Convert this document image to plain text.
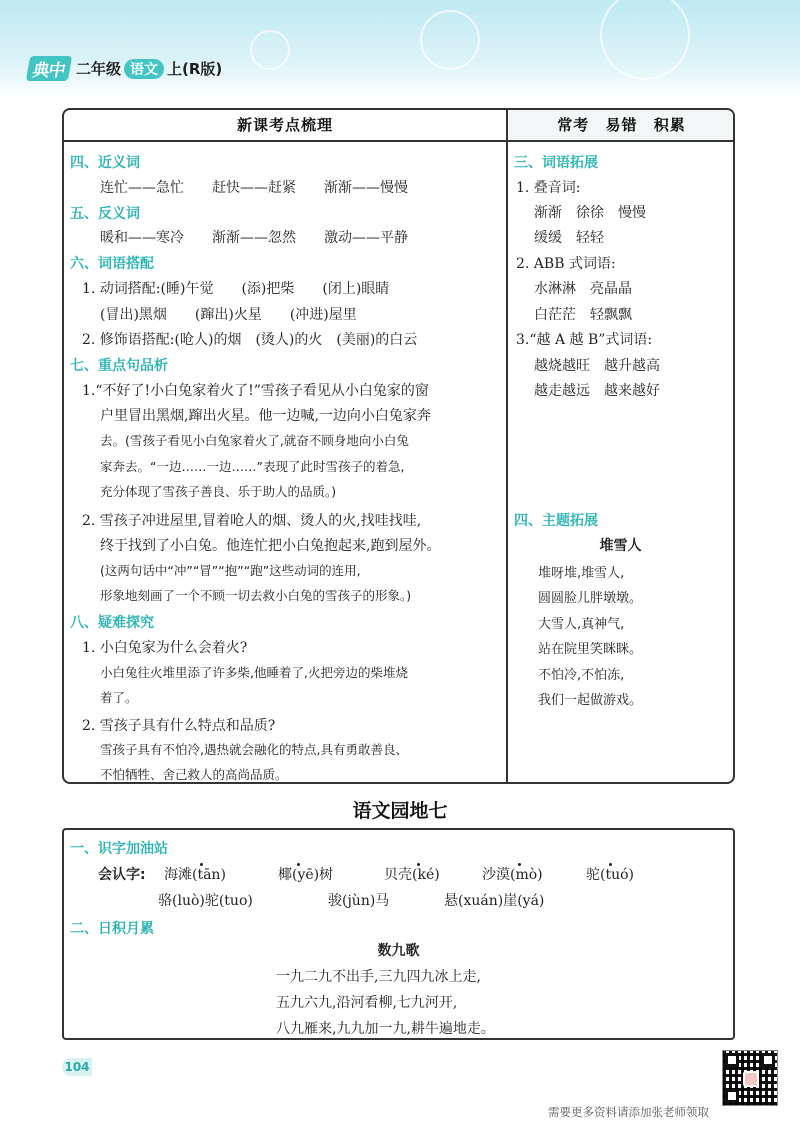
典中 二年级 语文 上(R版)
新课考点梳理
四、近义词
连忙——急忙　　赶快——赶紧　　渐渐——慢慢
五、反义词
暖和——寒冷　　渐渐——忽然　　激动——平静
六、词语搭配
1. 动词搭配:(睡)午觉　　(添)把柴　　(闭上)眼睛
(冒出)黑烟　　(蹿出)火星　　(冲进)屋里
2. 修饰语搭配:(呛人)的烟　(烫人)的火　(美丽)的白云
七、重点句品析
1.“不好了!小白兔家着火了!”雪孩子看见从小白兔家的窗
户里冒出黑烟,蹿出火星。他一边喊,一边向小白兔家奔
去。(雪孩子看见小白兔家着火了,就奋不顾身地向小白兔
家奔去。“一边……一边……”表现了此时雪孩子的着急,
充分体现了雪孩子善良、乐于助人的品质。)
2. 雪孩子冲进屋里,冒着呛人的烟、烫人的火,找哇找哇,
终于找到了小白兔。他连忙把小白兔抱起来,跑到屋外。
(这两句话中“冲”“冒”“抱”“跑”这些动词的连用,
形象地刻画了一个不顾一切去救小白兔的雪孩子的形象。)
八、疑难探究
1. 小白兔家为什么会着火?
小白兔往火堆里添了许多柴,他睡着了,火把旁边的柴堆烧
着了。
2. 雪孩子具有什么特点和品质?
雪孩子具有不怕冷,遇热就会融化的特点,具有勇敢善良、
不怕牺牲、舍己救人的高尚品质。
常考 易错 积累
三、词语拓展
1. 叠音词:
渐渐　徐徐　慢慢
缓缓　轻轻
2. ABB 式词语:
水淋淋　亮晶晶
白茫茫　轻飘飘
3.“越 A 越 B”式词语:
越烧越旺　越升越高
越走越远　越来越好
四、主题拓展
堆雪人
堆呀堆,堆雪人,
圆圆脸儿胖墩墩。
大雪人,真神气,
站在院里笑眯眯。
不怕冷,不怕冻,
我们一起做游戏。
语文园地七
一、识字加油站
会认字: 海滩(tān)	椰(yē)树	贝壳(ké)	沙漠(mò)	驼(tuó)
骆(luò)驼(tuo)	骏(jùn)马	悬(xuán)崖(yá)
二、日积月累
数九歌
一九二九不出手,三九四九冰上走,
五九六九,沿河看柳,七九河开,
八九雁来,九九加一九,耕牛遍地走。
104
需要更多资料请添加张老师领取
